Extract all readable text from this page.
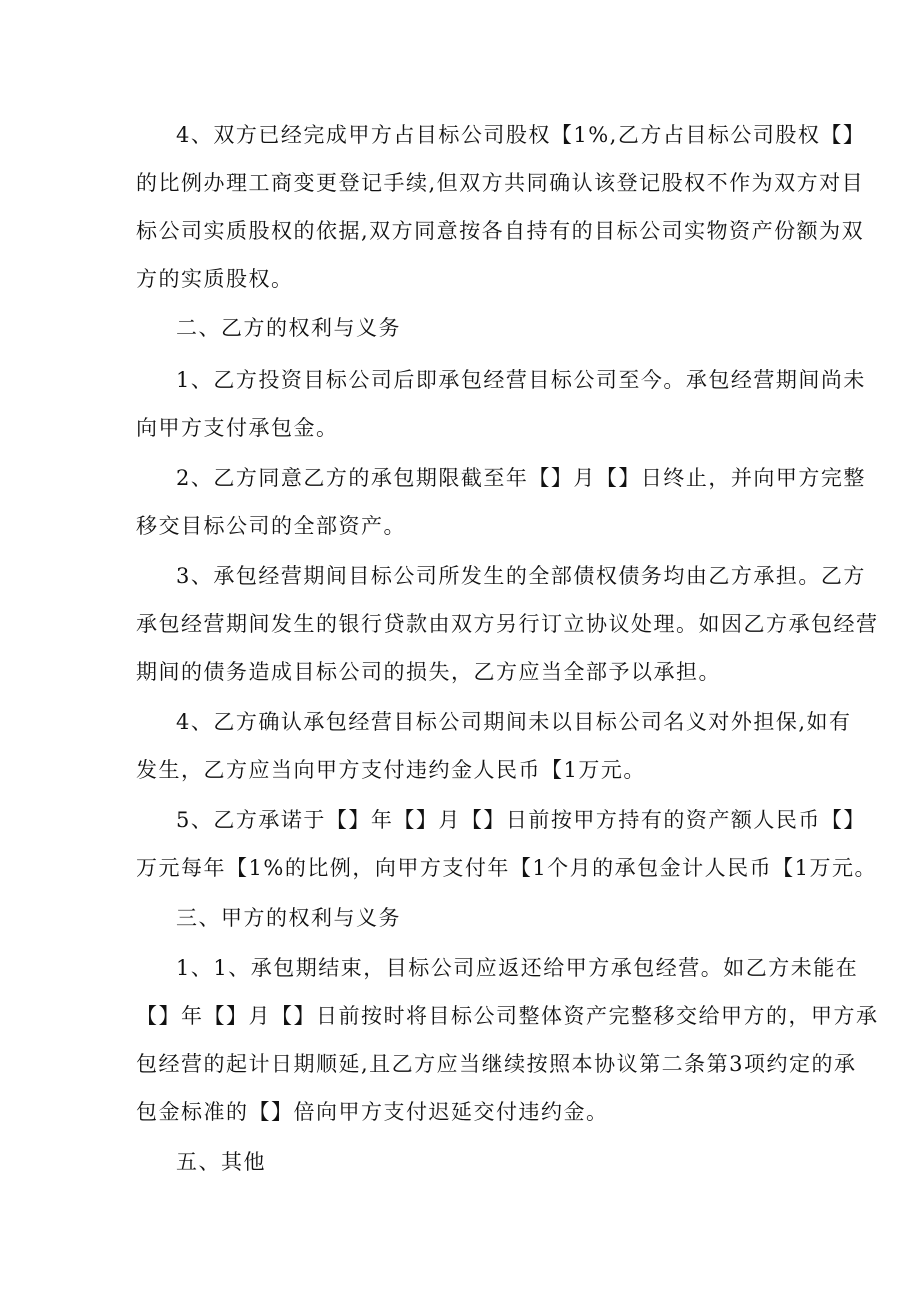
4、双方已经完成甲方占目标公司股权【1%,乙方占目标公司股权【】
的比例办理工商变更登记手续,但双方共同确认该登记股权不作为双方对目
标公司实质股权的依据,双方同意按各自持有的目标公司实物资产份额为双
方的实质股权。
二、乙方的权利与义务
1、乙方投资目标公司后即承包经营目标公司至今。承包经营期间尚未
向甲方支付承包金。
2、乙方同意乙方的承包期限截至年【】月【】日终止，并向甲方完整
移交目标公司的全部资产。
3、承包经营期间目标公司所发生的全部债权债务均由乙方承担。乙方
承包经营期间发生的银行贷款由双方另行订立协议处理。如因乙方承包经营
期间的债务造成目标公司的损失，乙方应当全部予以承担。
4、乙方确认承包经营目标公司期间未以目标公司名义对外担保,如有
发生，乙方应当向甲方支付违约金人民币【1万元。
5、乙方承诺于【】年【】月【】日前按甲方持有的资产额人民币【】
万元每年【1%的比例，向甲方支付年【1个月的承包金计人民币【1万元。
三、甲方的权利与义务
1、1、承包期结束，目标公司应返还给甲方承包经营。如乙方未能在
【】年【】月【】日前按时将目标公司整体资产完整移交给甲方的，甲方承
包经营的起计日期顺延,且乙方应当继续按照本协议第二条第3项约定的承
包金标准的【】倍向甲方支付迟延交付违约金。
五、其他
